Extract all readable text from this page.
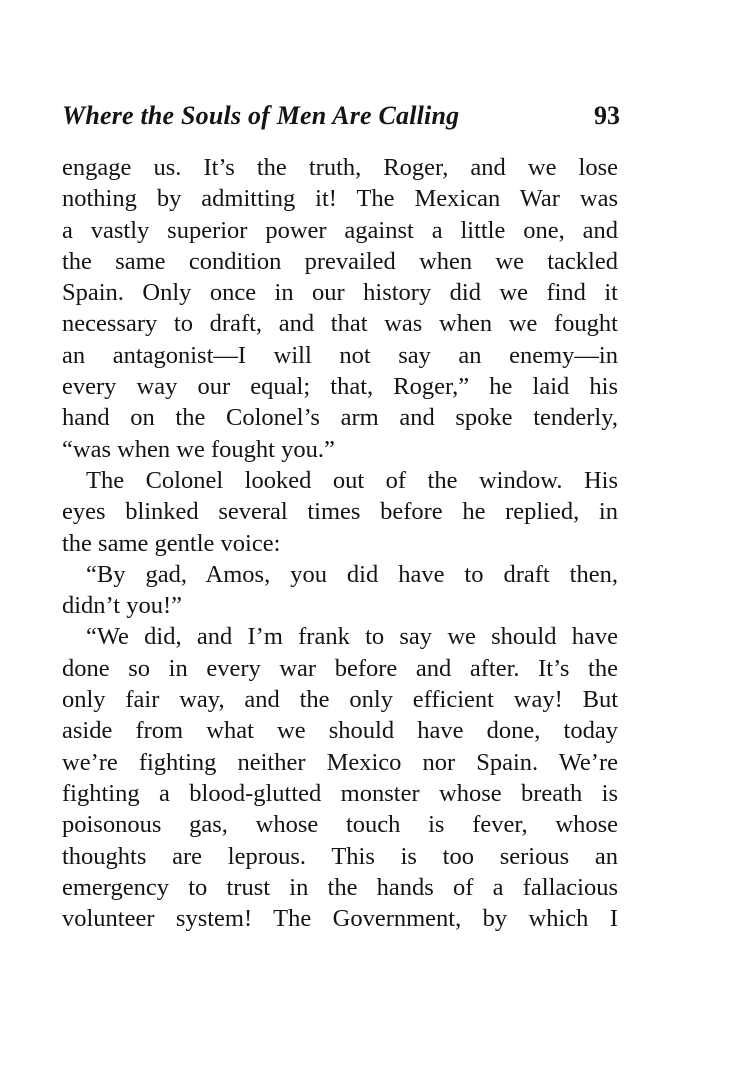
Where the Souls of Men Are Calling	93
engage us. It’s the truth, Roger, and we lose
nothing by admitting it! The Mexican War was
a vastly superior power against a little one, and
the same condition prevailed when we tackled
Spain. Only once in our history did we find it
necessary to draft, and that was when we fought
an antagonist—I will not say an enemy—in
every way our equal; that, Roger,” he laid his
hand on the Colonel’s arm and spoke tenderly,
“was when we fought you.”
The Colonel looked out of the window. His
eyes blinked several times before he replied, in
the same gentle voice:
“By gad, Amos, you did have to draft then,
didn’t you!”
“We did, and I’m frank to say we should have
done so in every war before and after. It’s the
only fair way, and the only efficient way! But
aside from what we should have done, today
we’re fighting neither Mexico nor Spain. We’re
fighting a blood-glutted monster whose breath is
poisonous gas, whose touch is fever, whose
thoughts are leprous. This is too serious an
emergency to trust in the hands of a fallacious
volunteer system! The Government, by which I
